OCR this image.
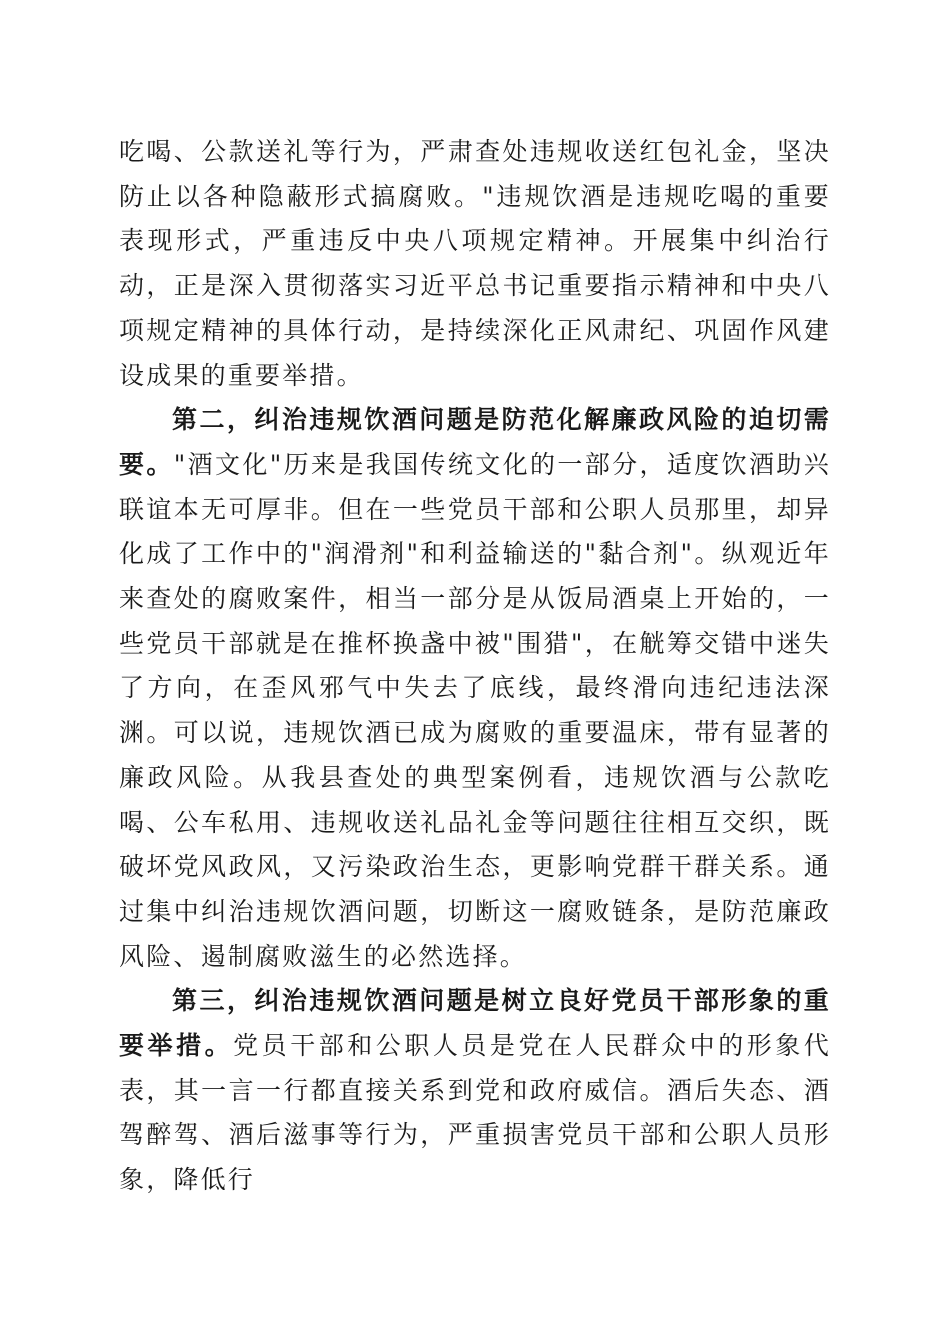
吃喝、公款送礼等行为，严肃查处违规收送红包礼金，坚决防止以各种隐蔽形式搞腐败。"违规饮酒是违规吃喝的重要表现形式，严重违反中央八项规定精神。开展集中纠治行动，正是深入贯彻落实习近平总书记重要指示精神和中央八项规定精神的具体行动，是持续深化正风肃纪、巩固作风建设成果的重要举措。

第二，纠治违规饮酒问题是防范化解廉政风险的迫切需要。"酒文化"历来是我国传统文化的一部分，适度饮酒助兴联谊本无可厚非。但在一些党员干部和公职人员那里，却异化成了工作中的"润滑剂"和利益输送的"黏合剂"。纵观近年来查处的腐败案件，相当一部分是从饭局酒桌上开始的，一些党员干部就是在推杯换盏中被"围猎"，在觥筹交错中迷失了方向，在歪风邪气中失去了底线，最终滑向违纪违法深渊。可以说，违规饮酒已成为腐败的重要温床，带有显著的廉政风险。从我县查处的典型案例看，违规饮酒与公款吃喝、公车私用、违规收送礼品礼金等问题往往相互交织，既破坏党风政风，又污染政治生态，更影响党群干群关系。通过集中纠治违规饮酒问题，切断这一腐败链条，是防范廉政风险、遏制腐败滋生的必然选择。

第三，纠治违规饮酒问题是树立良好党员干部形象的重要举措。党员干部和公职人员是党在人民群众中的形象代表，其一言一行都直接关系到党和政府威信。酒后失态、酒驾醉驾、酒后滋事等行为，严重损害党员干部和公职人员形象，降低行
